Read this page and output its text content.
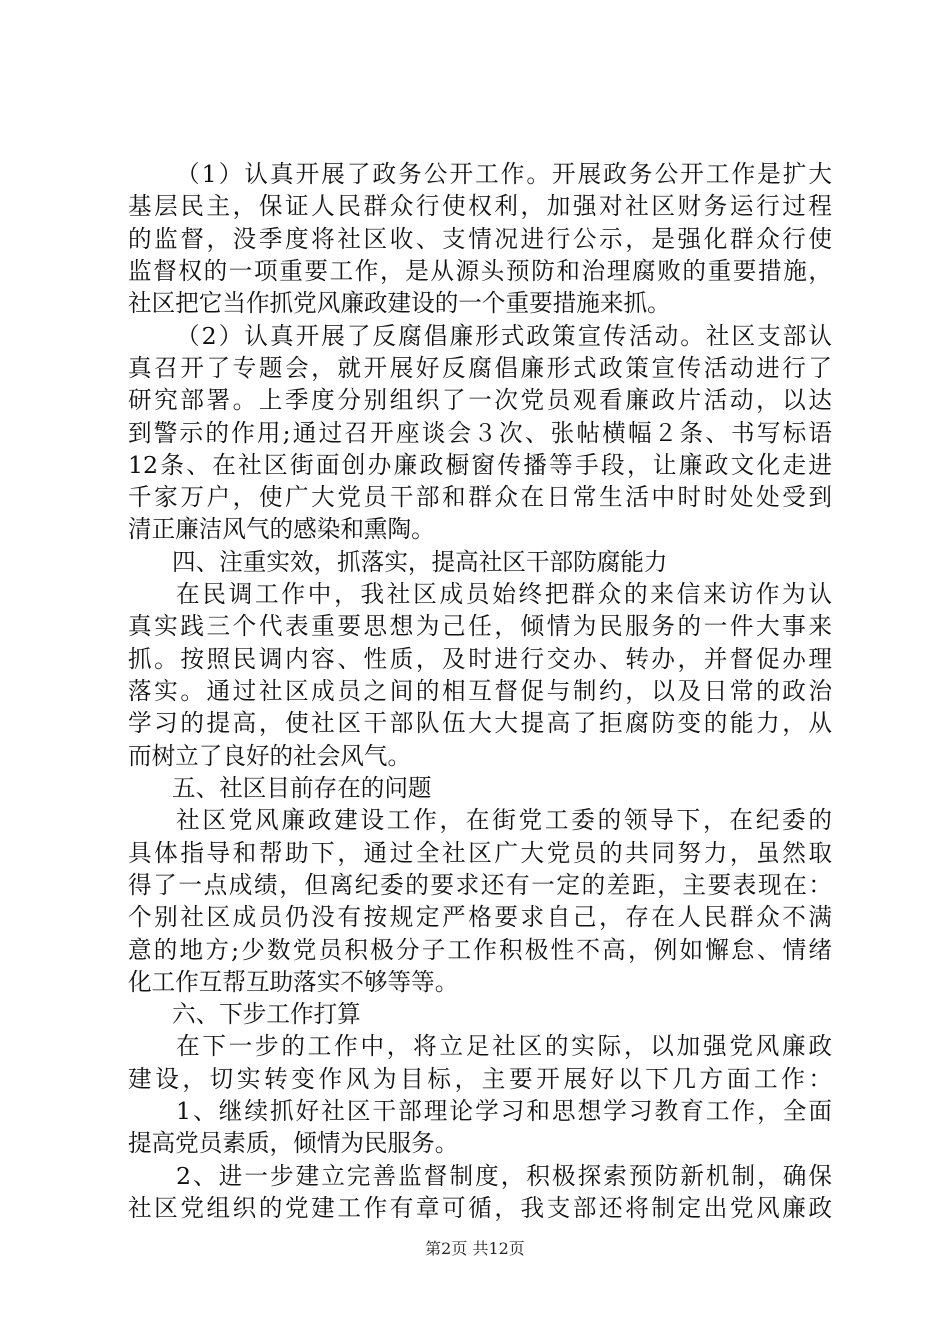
（1）认真开展了政务公开工作。开展政务公开工作是扩大
基层民主，保证人民群众行使权利，加强对社区财务运行过程
的监督，没季度将社区收、支情况进行公示，是强化群众行使
监督权的一项重要工作，是从源头预防和治理腐败的重要措施，
社区把它当作抓党风廉政建设的一个重要措施来抓。
（2）认真开展了反腐倡廉形式政策宣传活动。社区支部认
真召开了专题会，就开展好反腐倡廉形式政策宣传活动进行了
研究部署。上季度分别组织了一次党员观看廉政片活动，以达
到警示的作用;通过召开座谈会３次、张帖横幅２条、书写标语
12条、在社区街面创办廉政橱窗传播等手段，让廉政文化走进
千家万户，使广大党员干部和群众在日常生活中时时处处受到
清正廉洁风气的感染和熏陶。
四、注重实效，抓落实，提高社区干部防腐能力
在民调工作中，我社区成员始终把群众的来信来访作为认
真实践三个代表重要思想为己任，倾情为民服务的一件大事来
抓。按照民调内容、性质，及时进行交办、转办，并督促办理
落实。通过社区成员之间的相互督促与制约，以及日常的政治
学习的提高，使社区干部队伍大大提高了拒腐防变的能力，从
而树立了良好的社会风气。
五、社区目前存在的问题
社区党风廉政建设工作，在街党工委的领导下，在纪委的
具体指导和帮助下，通过全社区广大党员的共同努力，虽然取
得了一点成绩，但离纪委的要求还有一定的差距，主要表现在：
个别社区成员仍没有按规定严格要求自己，存在人民群众不满
意的地方;少数党员积极分子工作积极性不高，例如懈怠、情绪
化工作互帮互助落实不够等等。
六、下步工作打算
在下一步的工作中，将立足社区的实际，以加强党风廉政
建设，切实转变作风为目标，主要开展好以下几方面工作：
1、继续抓好社区干部理论学习和思想学习教育工作，全面
提高党员素质，倾情为民服务。
2、进一步建立完善监督制度，积极探索预防新机制，确保
社区党组织的党建工作有章可循，我支部还将制定出党风廉政
第2页 共12页
